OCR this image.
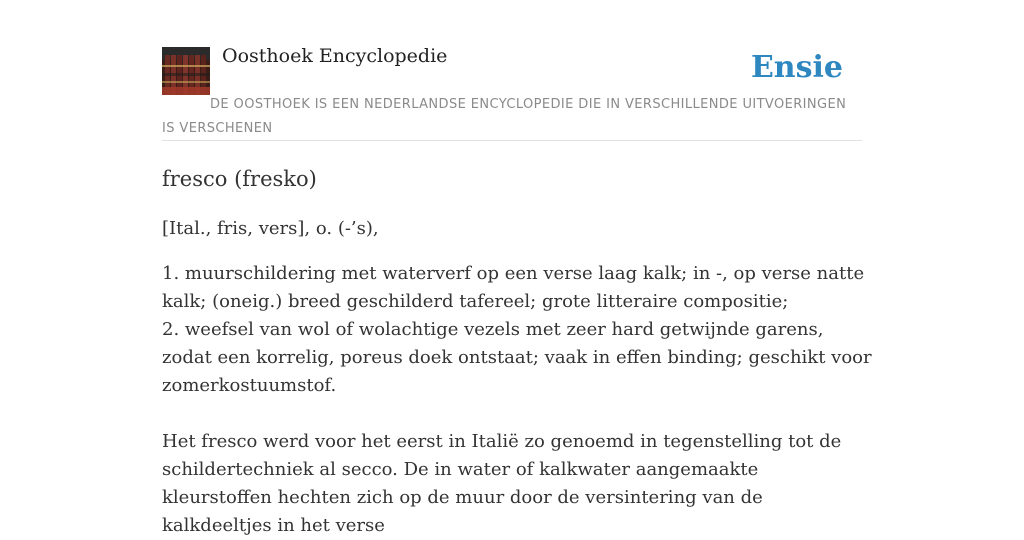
Oosthoek Encyclopedie	Ensie
DE OOSTHOEK IS EEN NEDERLANDSE ENCYCLOPEDIE DIE IN VERSCHILLENDE UITVOERINGEN IS VERSCHENEN
fresco (fresko)

[Ital., fris, vers], o. (-’s),

1. muurschildering met waterverf op een verse laag kalk; in -, op verse natte kalk; (oneig.) breed geschilderd tafereel; grote litteraire compositie;
2. weefsel van wol of wolachtige vezels met zeer hard getwijnde garens, zodat een korrelig, poreus doek ontstaat; vaak in effen binding; geschikt voor zomerkostuumstof.
Het fresco werd voor het eerst in Italië zo genoemd in tegenstelling tot de schildertechniek al secco. De in water of kalkwater aangemaakte kleurstoffen hechten zich op de muur door de versintering van de kalkdeeltjes in het verse
